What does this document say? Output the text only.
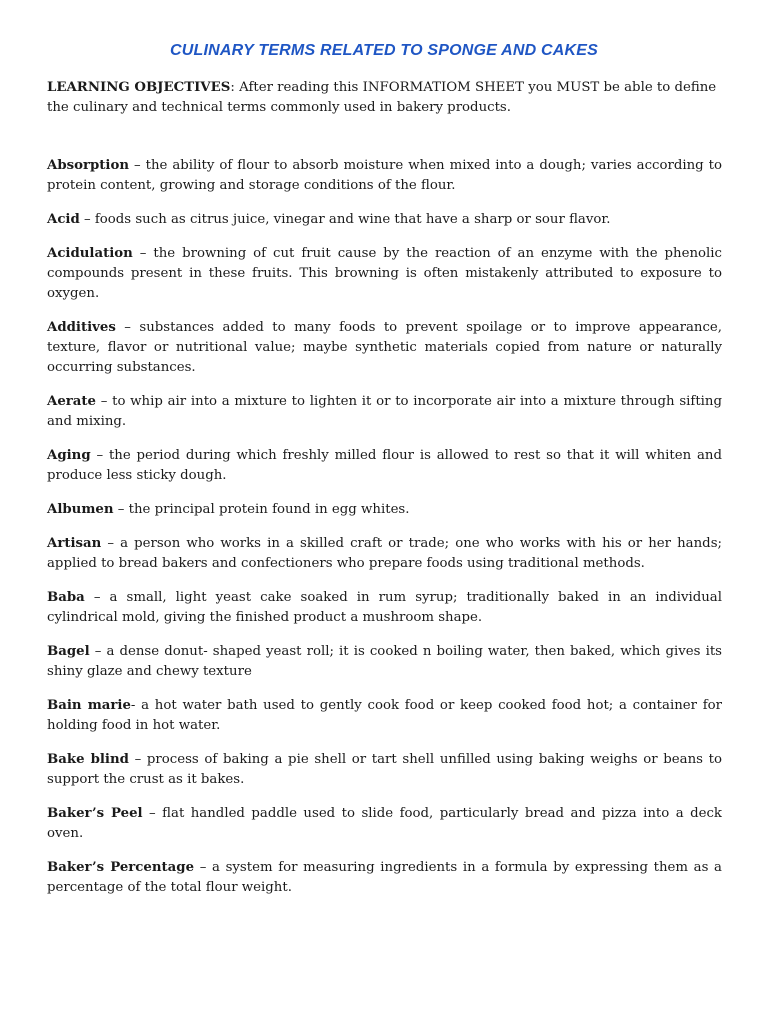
CULINARY TERMS RELATED TO SPONGE AND CAKES
LEARNING OBJECTIVES: After reading this INFORMATIOM SHEET you MUST be able to define the culinary and technical terms commonly used in bakery products.

Absorption – the ability of flour to absorb moisture when mixed into a dough; varies according to protein content, growing and storage conditions of the flour.

Acid – foods such as citrus juice, vinegar and wine that have a sharp or sour flavor.

Acidulation – the browning of cut fruit cause by the reaction of an enzyme with the phenolic compounds present in these fruits. This browning is often mistakenly attributed to exposure to oxygen.

Additives – substances added to many foods to prevent spoilage or to improve appearance, texture, flavor or nutritional value; maybe synthetic materials copied from nature or naturally occurring substances.

Aerate – to whip air into a mixture to lighten it or to incorporate air into a mixture through sifting and mixing.

Aging – the period during which freshly milled flour is allowed to rest so that it will whiten and produce less sticky dough.

Albumen – the principal protein found in egg whites.

Artisan – a person who works in a skilled craft or trade; one who works with his or her hands; applied to bread bakers and confectioners who prepare foods using traditional methods.

Baba – a small, light yeast cake soaked in rum syrup; traditionally baked in an individual cylindrical mold, giving the finished product a mushroom shape.

Bagel – a dense donut- shaped yeast roll; it is cooked n boiling water, then baked, which gives its shiny glaze and chewy texture

Bain marie- a hot water bath used to gently cook food or keep cooked food hot; a container for holding food in hot water.

Bake blind – process of baking a pie shell or tart shell unfilled using baking weighs or beans to support the crust as it bakes.

Baker’s Peel – flat handled paddle used to slide food, particularly bread and pizza into a deck oven.

Baker’s Percentage – a system for measuring ingredients in a formula by expressing them as a percentage of the total flour weight.
